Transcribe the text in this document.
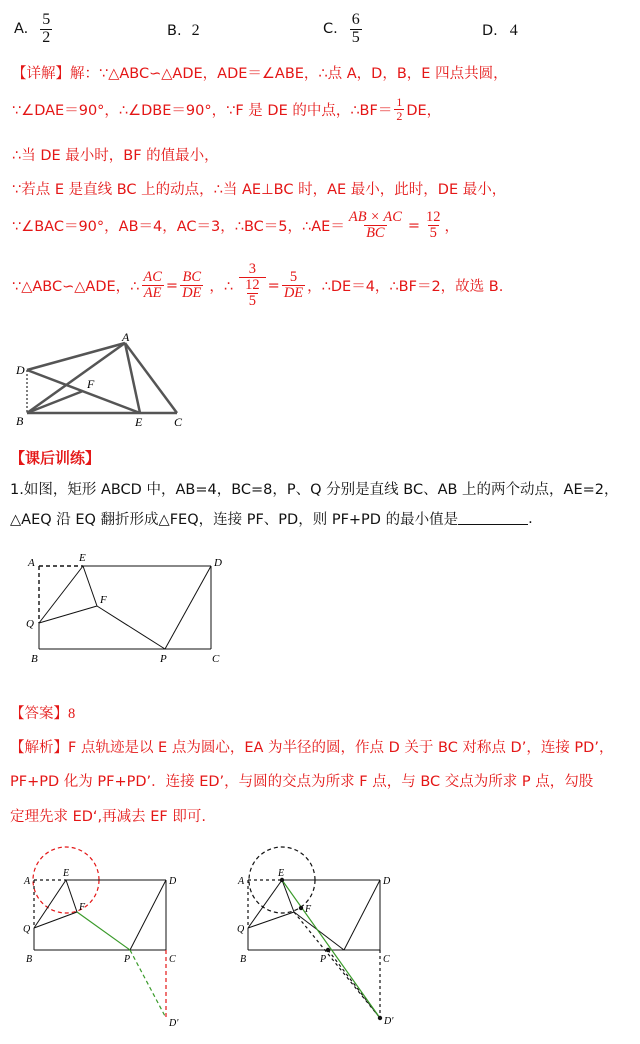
A. $\frac{5}{2}$	B. 2	C. $\frac{6}{5}$	D. 4
【详解】解：∵△ABC∽△ADE，ADE＝∠ABE，∴点 A，D，B，E 四点共圆，
∵∠DAE＝90°，∴∠DBE＝90°，∵F 是 DE 的中点，∴BF＝ $\frac{1}{2}$ DE，
∴当 DE 最小时，BF 的值最小，
∵若点 E 是直线 BC 上的动点，∴当 AE⊥BC 时，AE 最小，此时，DE 最小，
∵∠BAC＝90°，AB＝4，AC＝3，∴BC＝5，∴AE＝ $\frac{AB \times AC}{BC} = \frac{12}{5}$ ，
∵△ABC∽△ADE，∴ $\frac{AC}{AE} = \frac{BC}{DE}$ ，∴ $\frac{3}{\frac{12}{5}} = \frac{5}{DE}$ ，∴DE＝4，∴BF＝2，故选 B.
A
D
F
B	E	C
【课后训练】
1.如图，矩形 ABCD 中，AB=4，BC=8，P、Q 分别是直线 BC、AB 上的两个动点，AE=2，
△AEQ 沿 EQ 翻折形成△FEQ，连接 PF、PD，则 PF+PD 的最小值是	.
A	E	D
F
Q
B	P	C
【答案】8
【解析】F 点轨迹是以 E 点为圆心，EA 为半径的圆，作点 D 关于 BC 对称点 D’，连接 PD’，
PF+PD 化为 PF+PD’．连接 ED’，与圆的交点为所求 F 点，与 BC 交点为所求 P 点，勾股
定理先求 ED‘,再减去 EF 即可.
A
E
D
F
Q
B	P	C
D'
A
E
D
F
Q
B	P	C
D'
